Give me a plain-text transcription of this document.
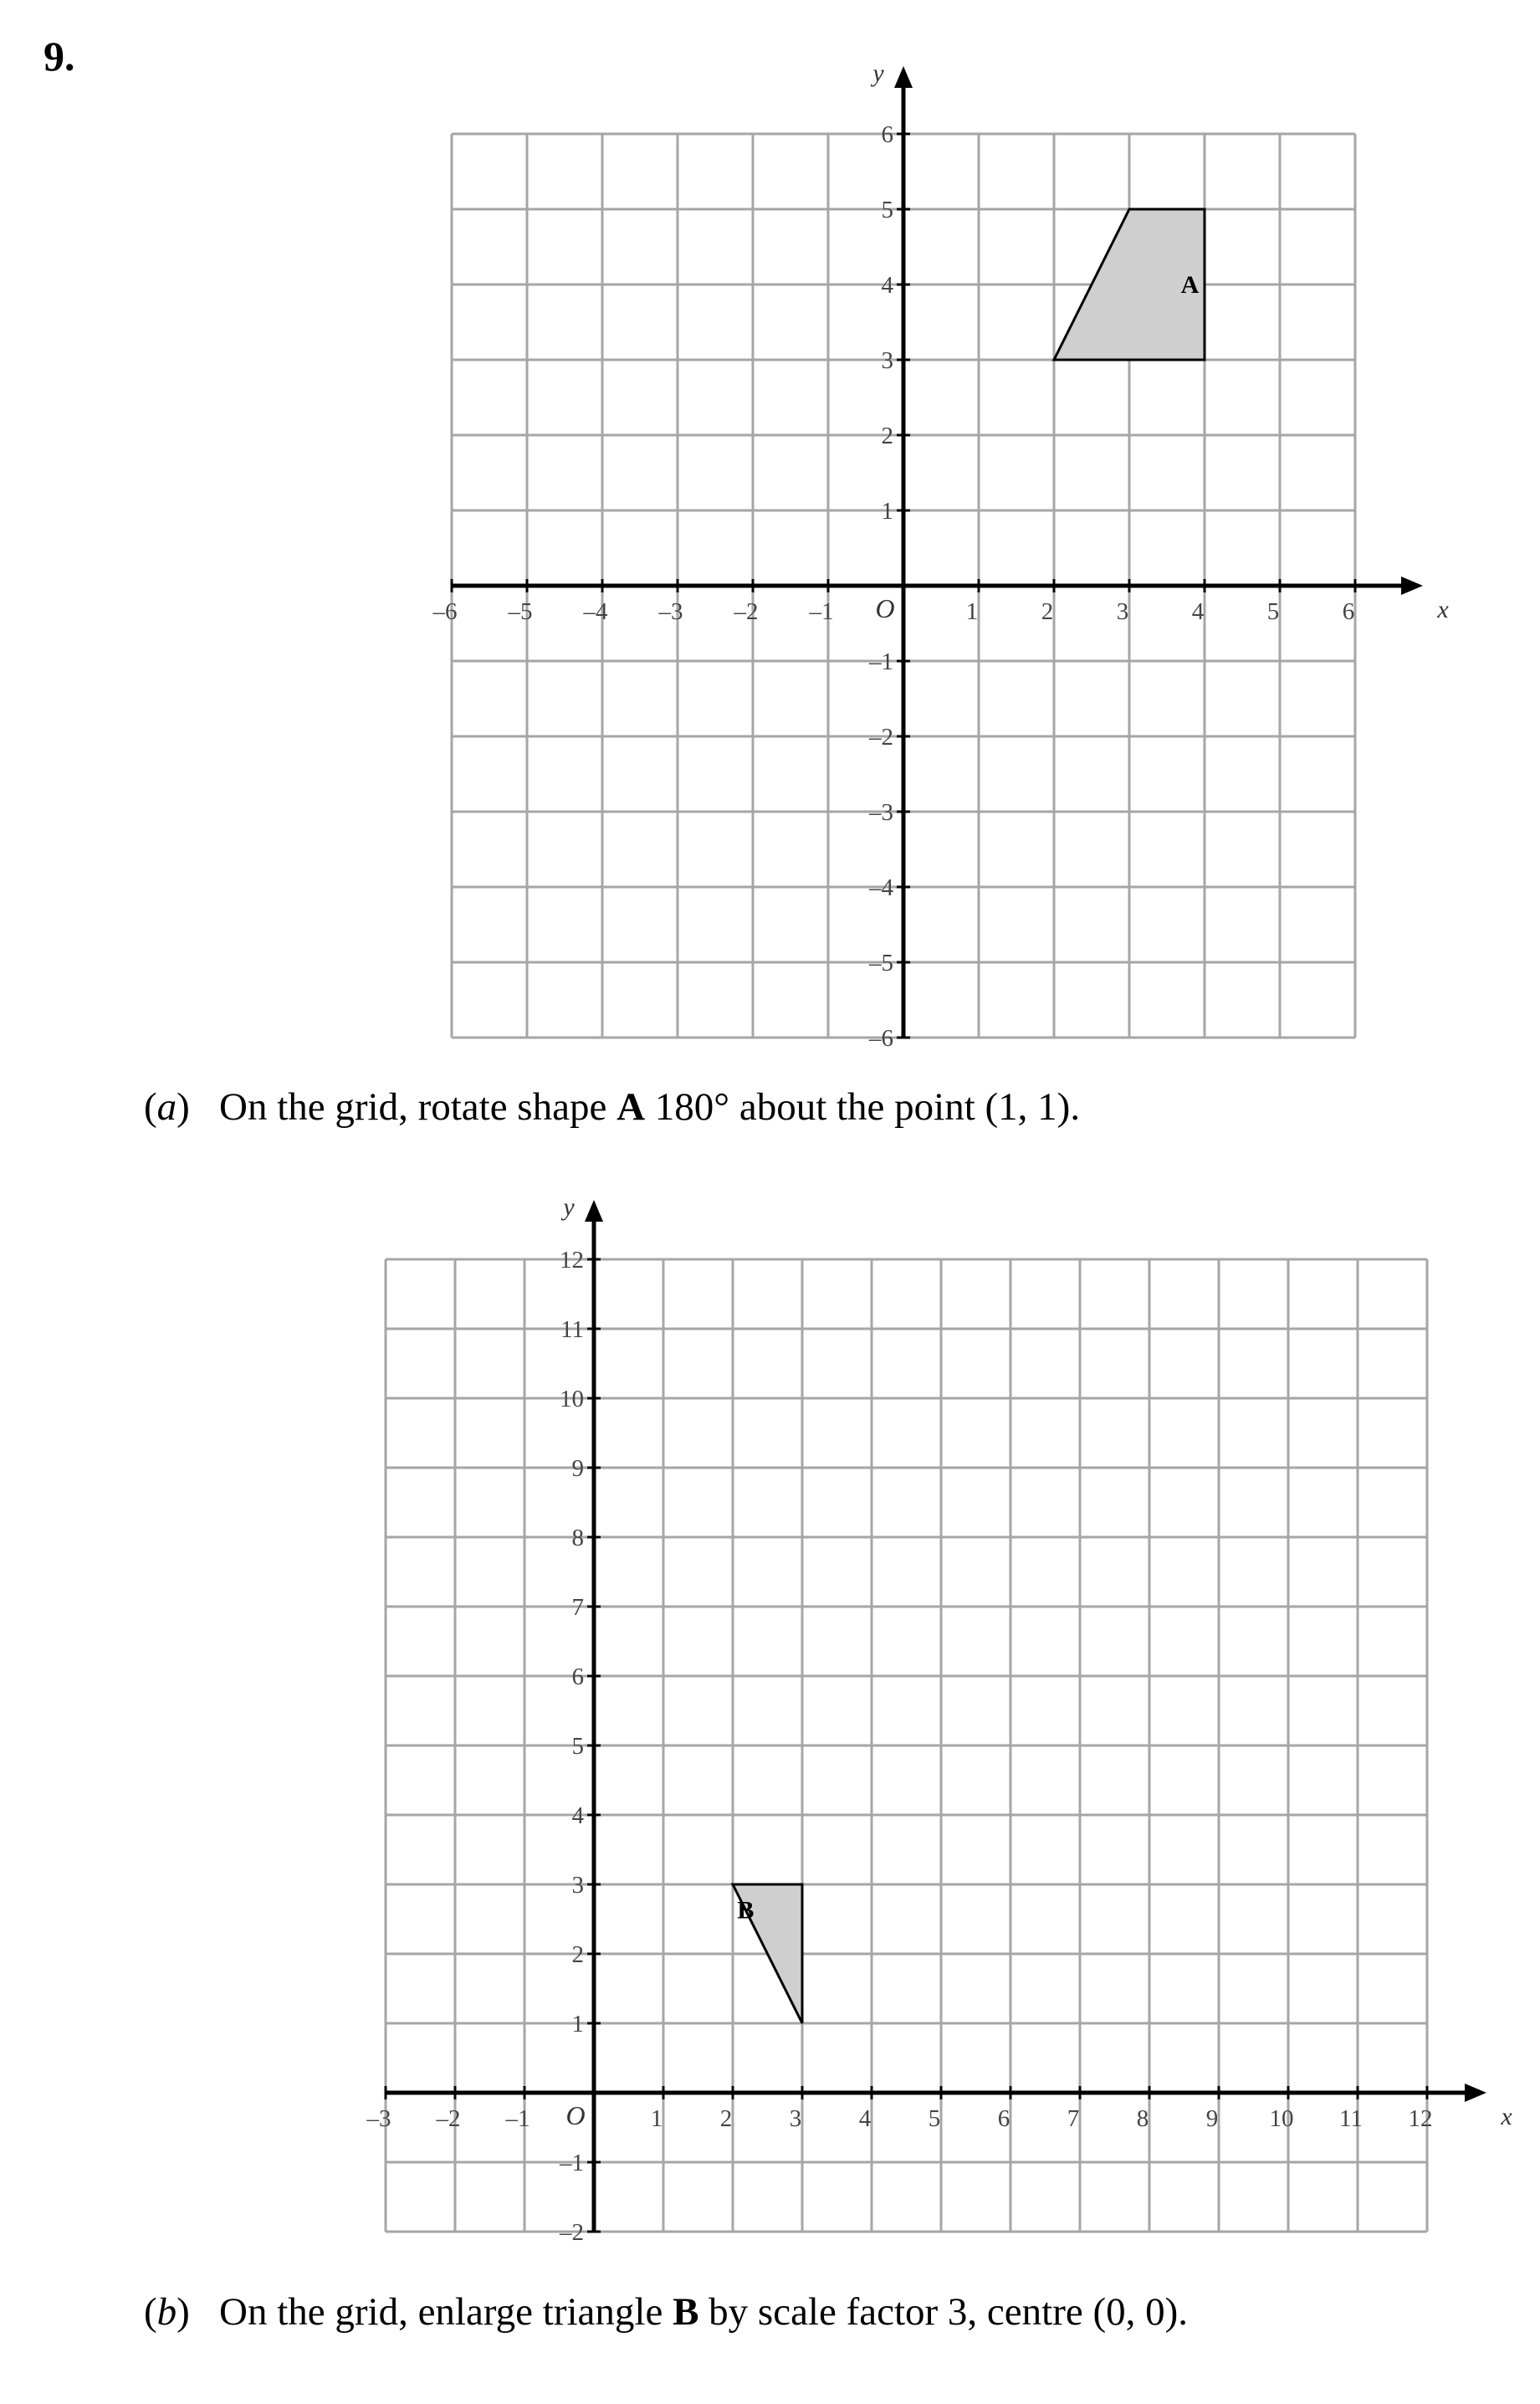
9.
A
x
y
O
–6 –5 –4 –3 –2 –1	1	2	3	4	5	6
6
5
4
3
2
1
–1
–2
–3
–4
–5
–6
(a) On the grid, rotate shape A 180° about the point (1, 1).
B
x
y
O
–3 –2 –1	1 2 3 4 5 6 7 8 9 10 11 12
12
11
10
9
8
7
6
5
4
3
2
1
–1
–2
(b) On the grid, enlarge triangle B by scale factor 3, centre (0, 0).
